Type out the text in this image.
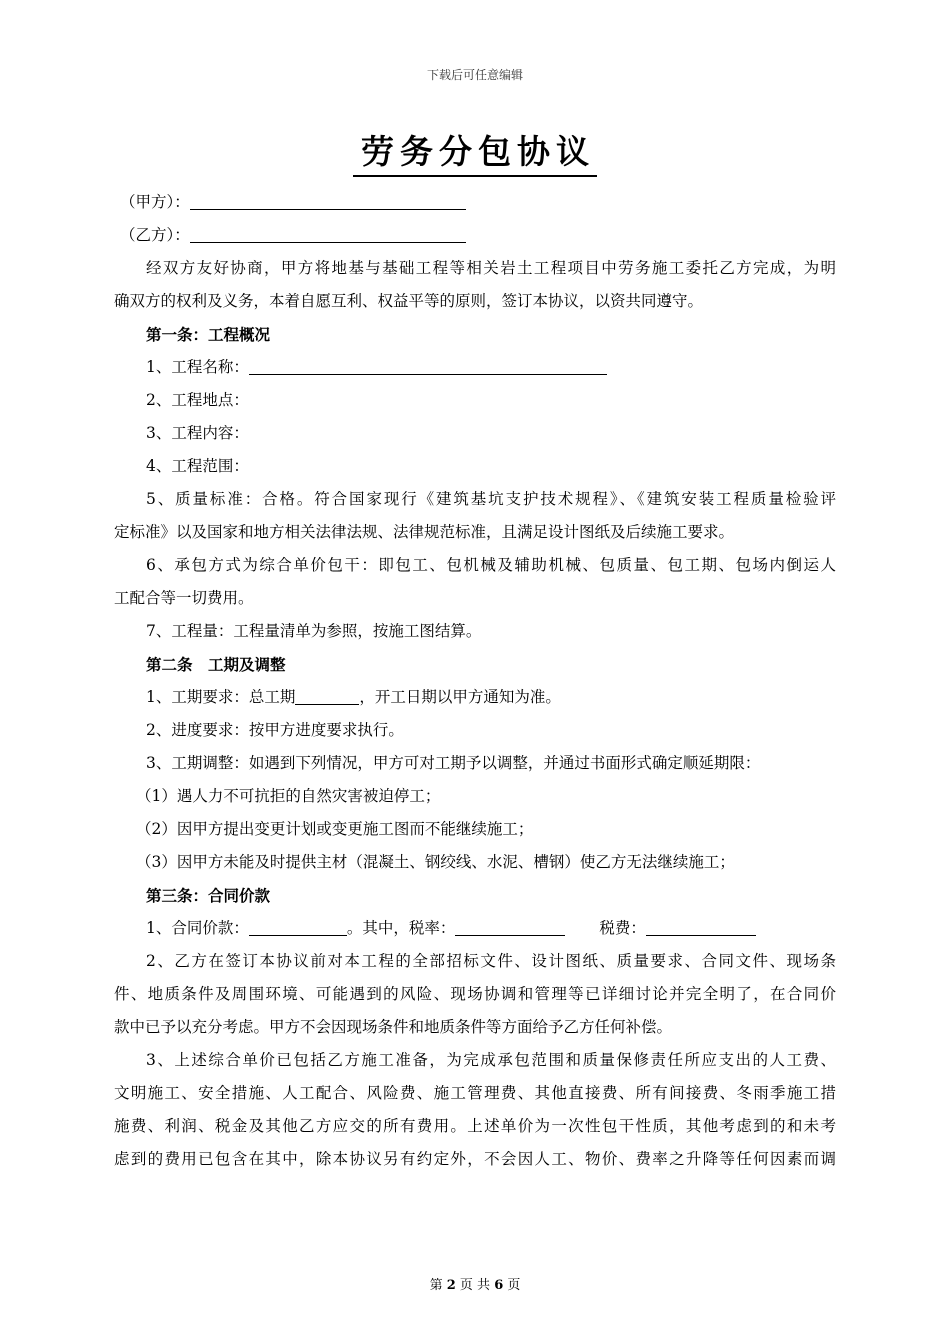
下载后可任意编辑
劳务分包协议
（甲方）：
（乙方）：
经双方友好协商，甲方将地基与基础工程等相关岩土工程项目中劳务施工委托乙方完成，为明
确双方的权利及义务，本着自愿互利、权益平等的原则，签订本协议，以资共同遵守。
第一条：工程概况
1、工程名称：
2、工程地点：
3、工程内容：
4、工程范围：
5、质量标准：合格。符合国家现行《建筑基坑支护技术规程》、《建筑安装工程质量检验评
定标准》以及国家和地方相关法律法规、法律规范标准，且满足设计图纸及后续施工要求。
6、承包方式为综合单价包干：即包工、包机械及辅助机械、包质量、包工期、包场内倒运人
工配合等一切费用。
7、工程量：工程量清单为参照，按施工图结算。
第二条　工期及调整
1、工期要求：总工期	，开工日期以甲方通知为准。
2、进度要求：按甲方进度要求执行。
3、工期调整：如遇到下列情况，甲方可对工期予以调整，并通过书面形式确定顺延期限：
（1）遇人力不可抗拒的自然灾害被迫停工；
（2）因甲方提出变更计划或变更施工图而不能继续施工；
（3）因甲方未能及时提供主材（混凝土、钢绞线、水泥、槽钢）使乙方无法继续施工；
第三条：合同价款
1、合同价款：	。其中，税率：	税费：
2、乙方在签订本协议前对本工程的全部招标文件、设计图纸、质量要求、合同文件、现场条
件、地质条件及周围环境、可能遇到的风险、现场协调和管理等已详细讨论并完全明了，在合同价
款中已予以充分考虑。甲方不会因现场条件和地质条件等方面给予乙方任何补偿。
3、上述综合单价已包括乙方施工准备，为完成承包范围和质量保修责任所应支出的人工费、
文明施工、安全措施、人工配合、风险费、施工管理费、其他直接费、所有间接费、冬雨季施工措
施费、利润、税金及其他乙方应交的所有费用。上述单价为一次性包干性质，其他考虑到的和未考
虑到的费用已包含在其中，除本协议另有约定外，不会因人工、物价、费率之升降等任何因素而调
第 2 页 共 6 页
